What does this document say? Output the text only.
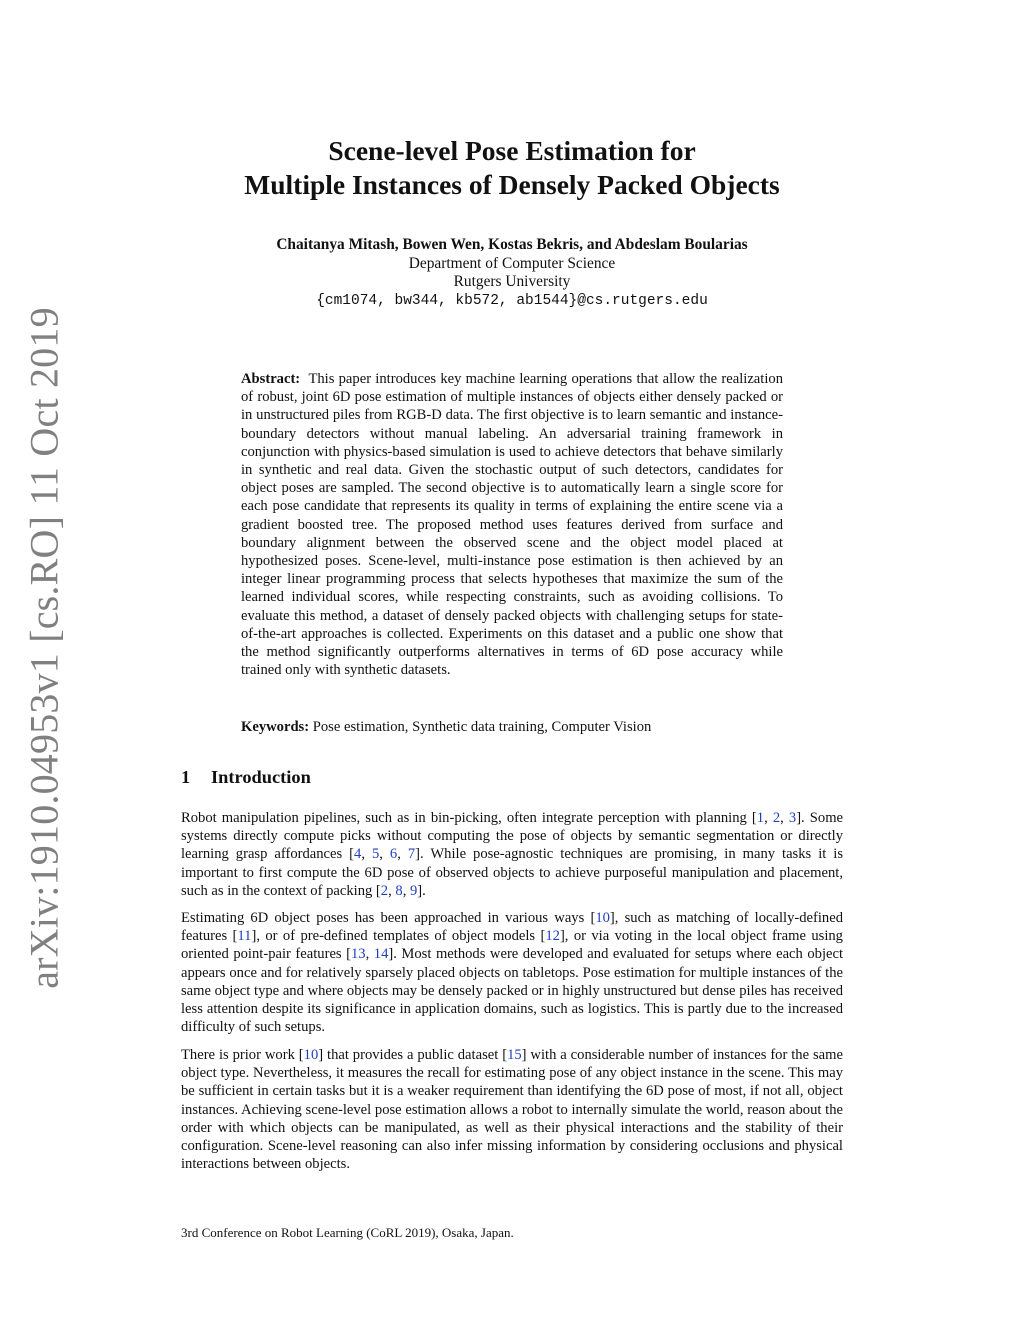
arXiv:1910.04953v1 [cs.RO] 11 Oct 2019
Scene-level Pose Estimation for
Multiple Instances of Densely Packed Objects
Chaitanya Mitash, Bowen Wen, Kostas Bekris, and Abdeslam Boularias
Department of Computer Science
Rutgers University
{cm1074, bw344, kb572, ab1544}@cs.rutgers.edu
Abstract: This paper introduces key machine learning operations that allow the realization of robust, joint 6D pose estimation of multiple instances of objects either densely packed or in unstructured piles from RGB-D data. The first objective is to learn semantic and instance-boundary detectors without manual labeling. An adversarial training framework in conjunction with physics-based simulation is used to achieve detectors that behave similarly in synthetic and real data. Given the stochastic output of such detectors, candidates for object poses are sampled. The second objective is to automatically learn a single score for each pose candidate that represents its quality in terms of explaining the entire scene via a gradient boosted tree. The proposed method uses features derived from surface and boundary alignment between the observed scene and the object model placed at hypothesized poses. Scene-level, multi-instance pose estimation is then achieved by an integer linear programming process that selects hypotheses that maximize the sum of the learned individual scores, while respecting constraints, such as avoiding collisions. To evaluate this method, a dataset of densely packed objects with challenging setups for state-of-the-art approaches is collected. Experiments on this dataset and a public one show that the method significantly outperforms alternatives in terms of 6D pose accuracy while trained only with synthetic datasets.
Keywords: Pose estimation, Synthetic data training, Computer Vision
1 Introduction

Robot manipulation pipelines, such as in bin-picking, often integrate perception with planning [1, 2, 3]. Some systems directly compute picks without computing the pose of objects by semantic segmentation or directly learning grasp affordances [4, 5, 6, 7]. While pose-agnostic techniques are promising, in many tasks it is important to first compute the 6D pose of observed objects to achieve purposeful manipulation and placement, such as in the context of packing [2, 8, 9].

Estimating 6D object poses has been approached in various ways [10], such as matching of locally-defined features [11], or of pre-defined templates of object models [12], or via voting in the local object frame using oriented point-pair features [13, 14]. Most methods were developed and evaluated for setups where each object appears once and for relatively sparsely placed objects on tabletops. Pose estimation for multiple instances of the same object type and where objects may be densely packed or in highly unstructured but dense piles has received less attention despite its significance in application domains, such as logistics. This is partly due to the increased difficulty of such setups.

There is prior work [10] that provides a public dataset [15] with a considerable number of instances for the same object type. Nevertheless, it measures the recall for estimating pose of any object instance in the scene. This may be sufficient in certain tasks but it is a weaker requirement than identifying the 6D pose of most, if not all, object instances. Achieving scene-level pose estimation allows a robot to internally simulate the world, reason about the order with which objects can be manipulated, as well as their physical interactions and the stability of their configuration. Scene-level reasoning can also infer missing information by considering occlusions and physical interactions between objects.

3rd Conference on Robot Learning (CoRL 2019), Osaka, Japan.
